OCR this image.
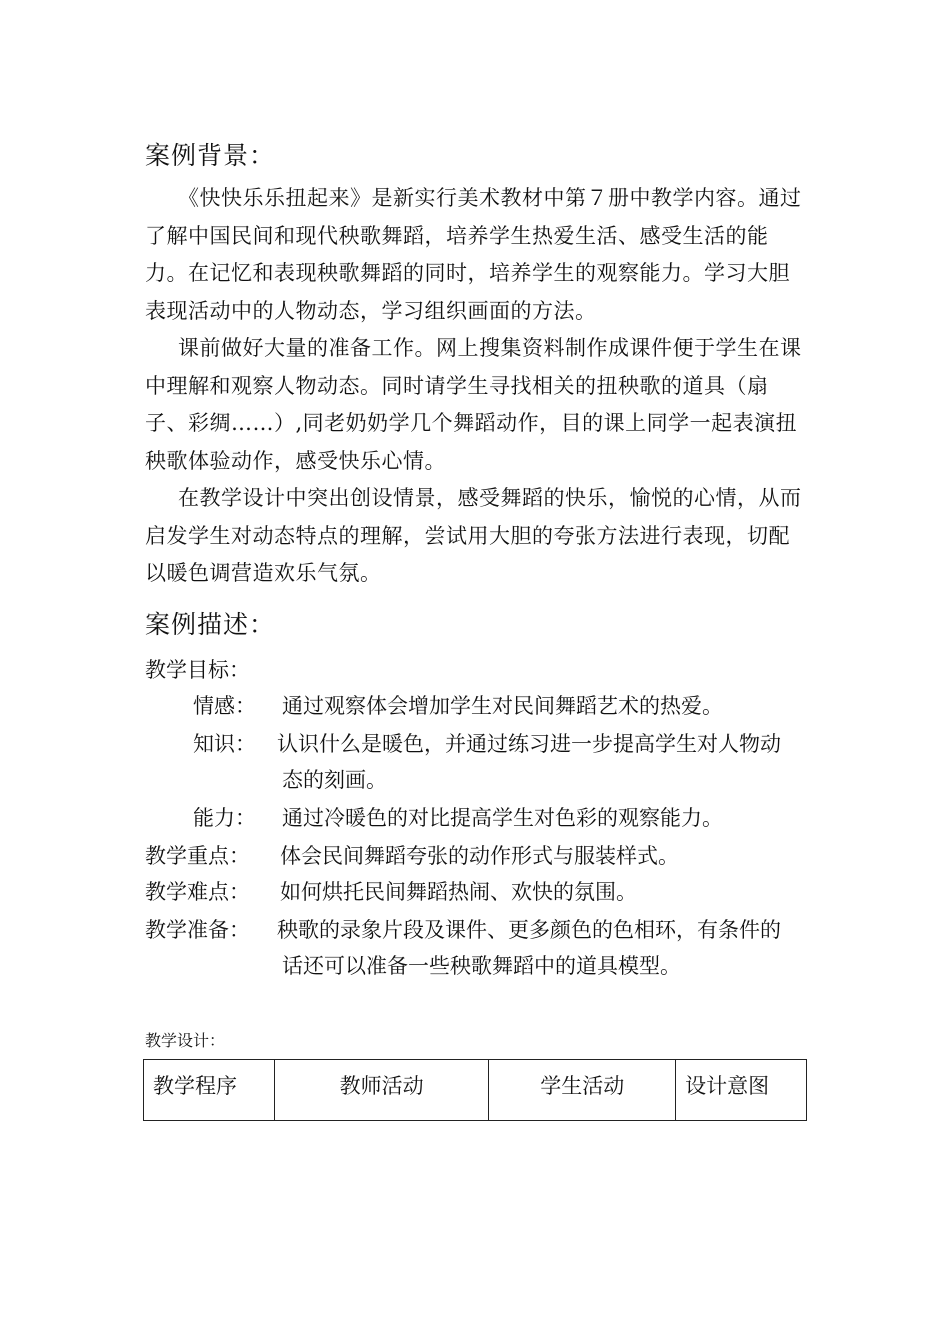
案例背景：

《快快乐乐扭起来》是新实行美术教材中第７册中教学内容。通过了解中国民间和现代秧歌舞蹈，培养学生热爱生活、感受生活的能力。在记忆和表现秧歌舞蹈的同时，培养学生的观察能力。学习大胆表现活动中的人物动态，学习组织画面的方法。

课前做好大量的准备工作。网上搜集资料制作成课件便于学生在课中理解和观察人物动态。同时请学生寻找相关的扭秧歌的道具（扇子、彩绸……）,同老奶奶学几个舞蹈动作，目的课上同学一起表演扭秧歌体验动作，感受快乐心情。

在教学设计中突出创设情景，感受舞蹈的快乐，愉悦的心情，从而启发学生对动态特点的理解，尝试用大胆的夸张方法进行表现，切配以暖色调营造欢乐气氛。

案例描述：
教学目标：
情感： 通过观察体会增加学生对民间舞蹈艺术的热爱。
知识： 认识什么是暖色，并通过练习进一步提高学生对人物动
态的刻画。
能力： 通过冷暖色的对比提高学生对色彩的观察能力。
教学重点： 体会民间舞蹈夸张的动作形式与服装样式。
教学难点： 如何烘托民间舞蹈热闹、欢快的氛围。
教学准备： 秧歌的录象片段及课件、更多颜色的色相环，有条件的
话还可以准备一些秧歌舞蹈中的道具模型。
教学设计：
教学程序	教师活动	学生活动	设计意图
